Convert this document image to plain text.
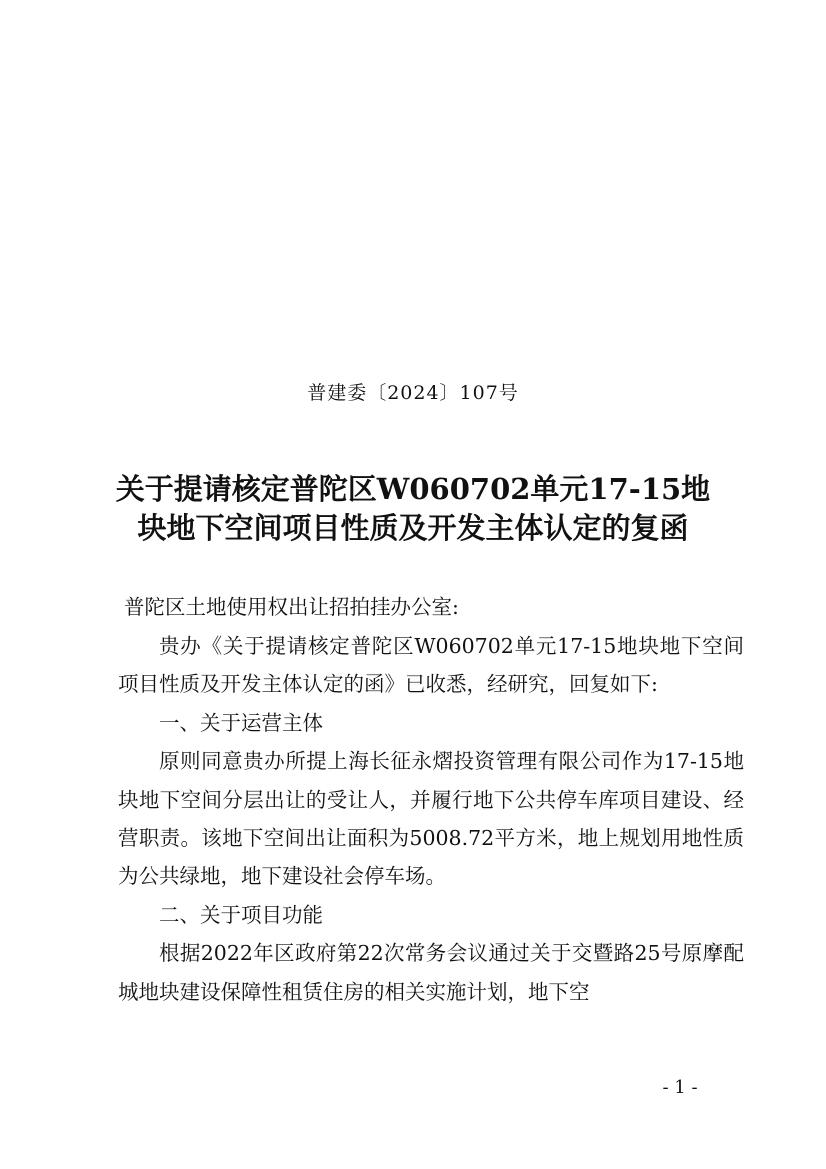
普建委〔2024〕107号
关于提请核定普陀区W060702单元17-15地
块地下空间项目性质及开发主体认定的复函
普陀区土地使用权出让招拍挂办公室:

贵办《关于提请核定普陀区W060702单元17-15地块地下空间项目性质及开发主体认定的函》已收悉，经研究，回复如下:

一、关于运营主体

原则同意贵办所提上海长征永熠投资管理有限公司作为17-15地块地下空间分层出让的受让人，并履行地下公共停车库项目建设、经营职责。该地下空间出让面积为5008.72平方米，地上规划用地性质为公共绿地，地下建设社会停车场。

二、关于项目功能

根据2022年区政府第22次常务会议通过关于交暨路25号原摩配城地块建设保障性租赁住房的相关实施计划，地下空

- 1 -
